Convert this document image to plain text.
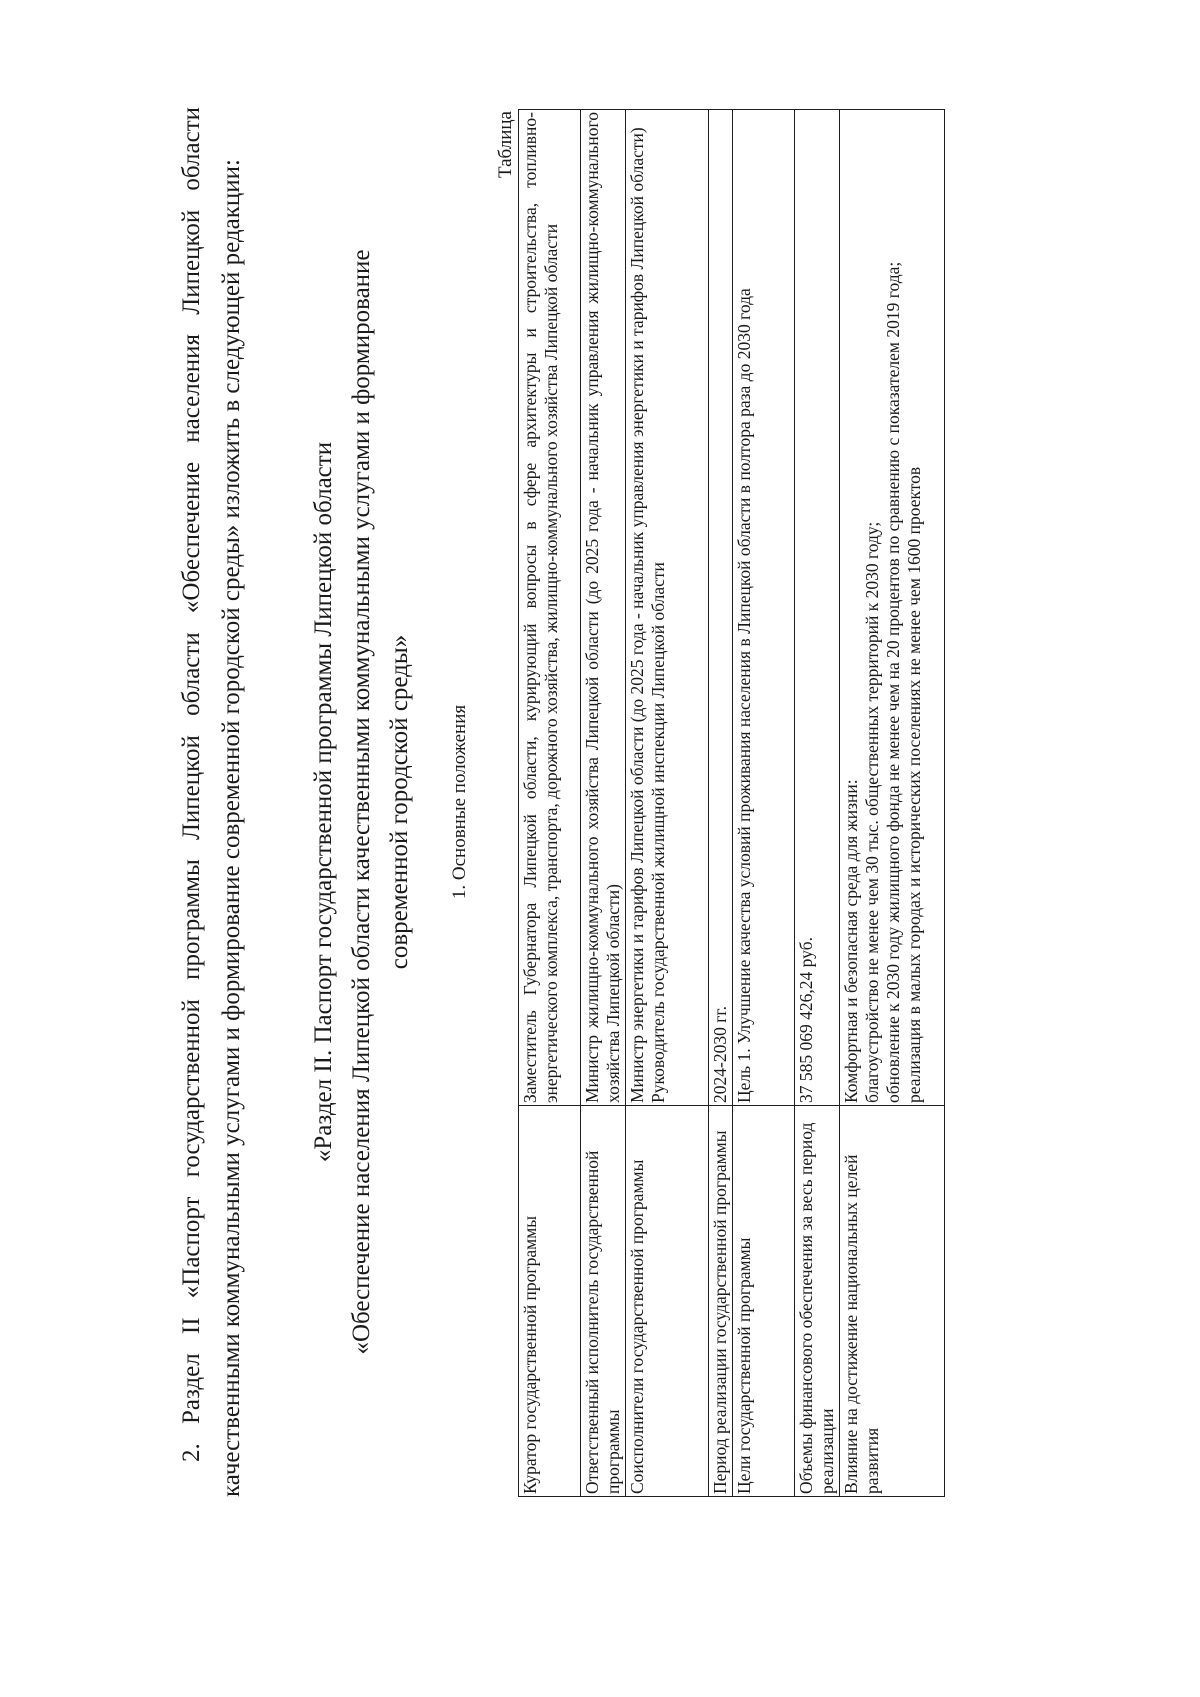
2. Раздел II «Паспорт государственной программы Липецкой области «Обеспечение населения Липецкой области качественными коммунальными услугами и формирование современной городской среды» изложить в следующей редакции:	«Раздел II. Паспорт государственной программы Липецкой области «Обеспечение населения Липецкой области качественными коммунальными услугами и формирование современной городской среды»	1. Основные положения

Таблица

Куратор государственной программы	Заместитель Губернатора Липецкой области, курирующий вопросы в сфере архитектуры и строительства, топливно-энергетического комплекса, транспорта, дорожного хозяйства, жилищно-коммунального хозяйства Липецкой области

Ответственный исполнитель государственной программы	Министр жилищно-коммунального хозяйства Липецкой области (до 2025 года - начальник управления жилищно-коммунального хозяйства Липецкой области)

Соисполнители государственной программы	Министр энергетики и тарифов Липецкой области (до 2025 года - начальник управления энергетики и тарифов Липецкой области) Руководитель государственной жилищной инспекции Липецкой области

Период реализации государственной программы	2024-2030 гг.

Цели государственной программы	Цель 1. Улучшение качества условий проживания населения в Липецкой области в полтора раза до 2030 года

Объемы финансового обеспечения за весь период реализации	37 585 069 426,24 руб.

Влияние на достижение национальных целей развития	Комфортная и безопасная среда для жизни: благоустройство не менее чем 30 тыс. общественных территорий к 2030 году; обновление к 2030 году жилищного фонда не менее чем на 20 процентов по сравнению с показателем 2019 года; реализация в малых городах и исторических поселениях не менее чем 1600 проектов
